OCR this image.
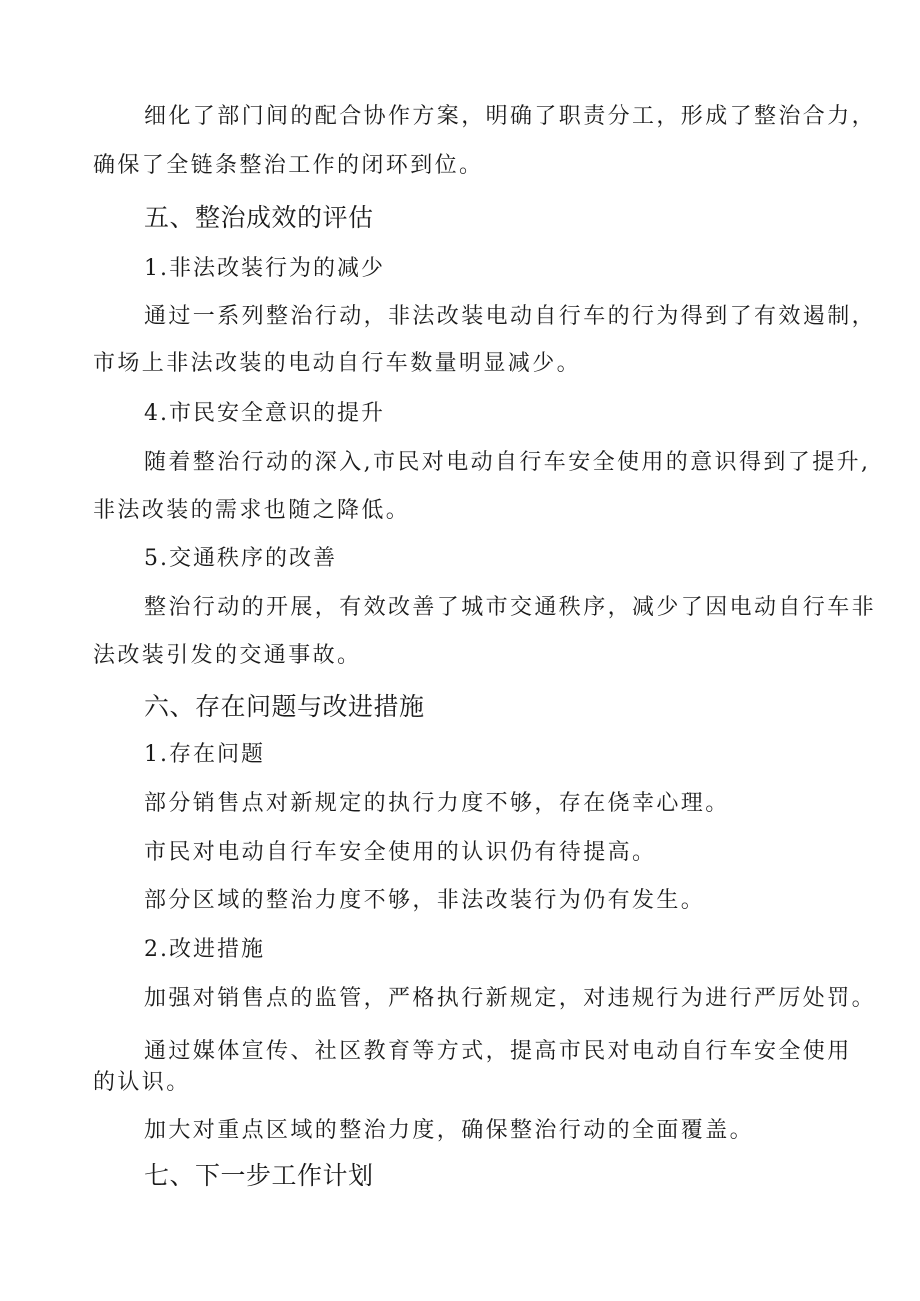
细化了部门间的配合协作方案，明确了职责分工，形成了整治合力，
确保了全链条整治工作的闭环到位。
五、整治成效的评估
1.非法改装行为的减少
通过一系列整治行动，非法改装电动自行车的行为得到了有效遏制，
市场上非法改装的电动自行车数量明显减少。
4.市民安全意识的提升
随着整治行动的深入,市民对电动自行车安全使用的意识得到了提升,
非法改装的需求也随之降低。
5.交通秩序的改善
整治行动的开展，有效改善了城市交通秩序，减少了因电动自行车非
法改装引发的交通事故。
六、存在问题与改进措施
1.存在问题
部分销售点对新规定的执行力度不够，存在侥幸心理。
市民对电动自行车安全使用的认识仍有待提高。
部分区域的整治力度不够，非法改装行为仍有发生。
2.改进措施
加强对销售点的监管，严格执行新规定，对违规行为进行严厉处罚。
通过媒体宣传、社区教育等方式，提高市民对电动自行车安全使用
的认识。
加大对重点区域的整治力度，确保整治行动的全面覆盖。
七、下一步工作计划
